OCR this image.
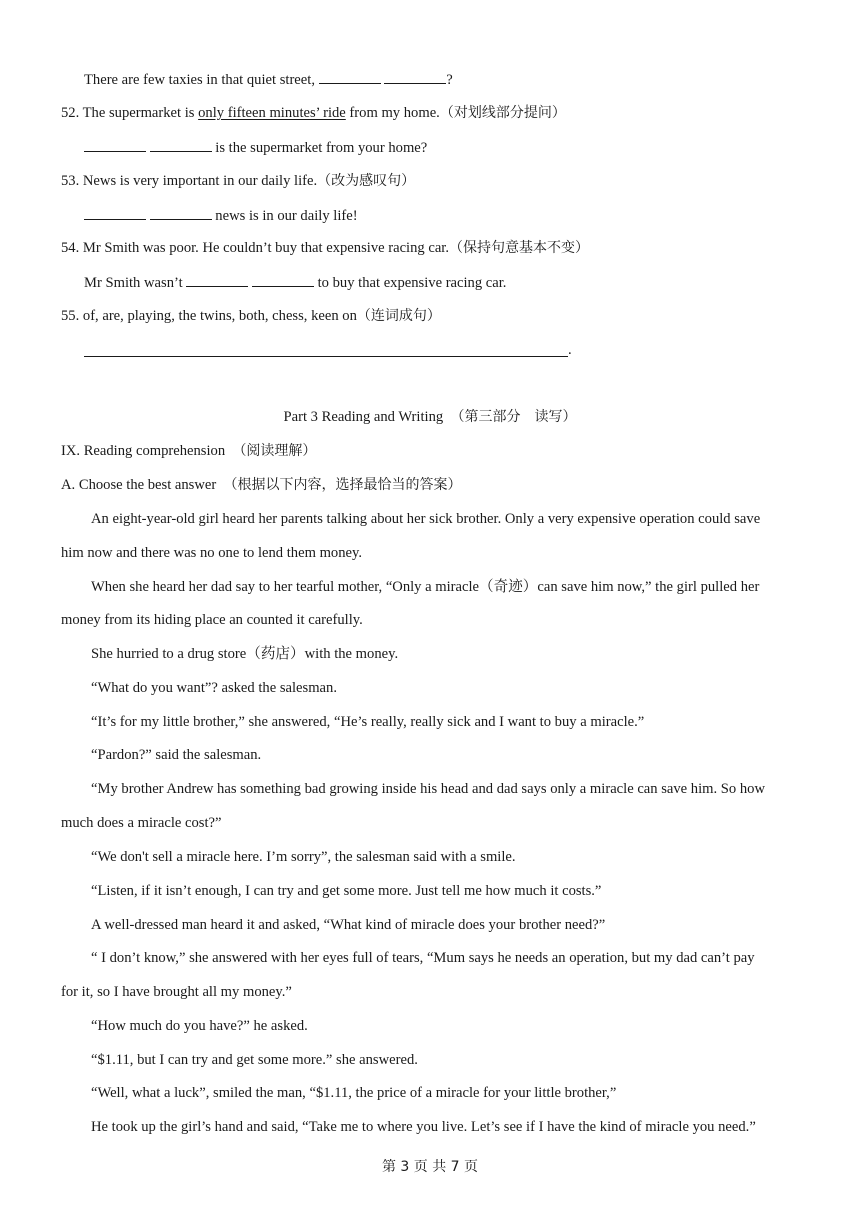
There are few taxies in that quiet street,	?
52. The supermarket is only fifteen minutes’ ride from my home.（对划线部分提问）
is the supermarket from your home?
53. News is very important in our daily life.（改为感叹句）
news is in our daily life!
54. Mr Smith was poor. He couldn’t buy that expensive racing car.（保持句意基本不变）
Mr Smith wasn’t	to buy that expensive racing car.
55. of, are, playing, the twins, both, chess, keen on（连词成句）
.
Part 3 Reading and Writing （第三部分　读写）
IX. Reading comprehension （阅读理解）
A. Choose the best answer （根据以下内容，选择最恰当的答案）
An eight-year-old girl heard her parents talking about her sick brother. Only a very expensive operation could save
him now and there was no one to lend them money.
When she heard her dad say to her tearful mother, “Only a miracle（奇迹）can save him now,” the girl pulled her
money from its hiding place an counted it carefully.
She hurried to a drug store（药店）with the money.
“What do you want”? asked the salesman.
“It’s for my little brother,” she answered, “He’s really, really sick and I want to buy a miracle.”
“Pardon?” said the salesman.
“My brother Andrew has something bad growing inside his head and dad says only a miracle can save him. So how
much does a miracle cost?”
“We don't sell a miracle here. I’m sorry”, the salesman said with a smile.
“Listen, if it isn’t enough, I can try and get some more. Just tell me how much it costs.”
A well-dressed man heard it and asked, “What kind of miracle does your brother need?”
“ I don’t know,” she answered with her eyes full of tears, “Mum says he needs an operation, but my dad can’t pay
for it, so I have brought all my money.”
“How much do you have?” he asked.
“$1.11, but I can try and get some more.” she answered.
“Well, what a luck”, smiled the man, “$1.11, the price of a miracle for your little brother,”
He took up the girl’s hand and said, “Take me to where you live. Let’s see if I have the kind of miracle you need.”
第 3 页 共 7 页
